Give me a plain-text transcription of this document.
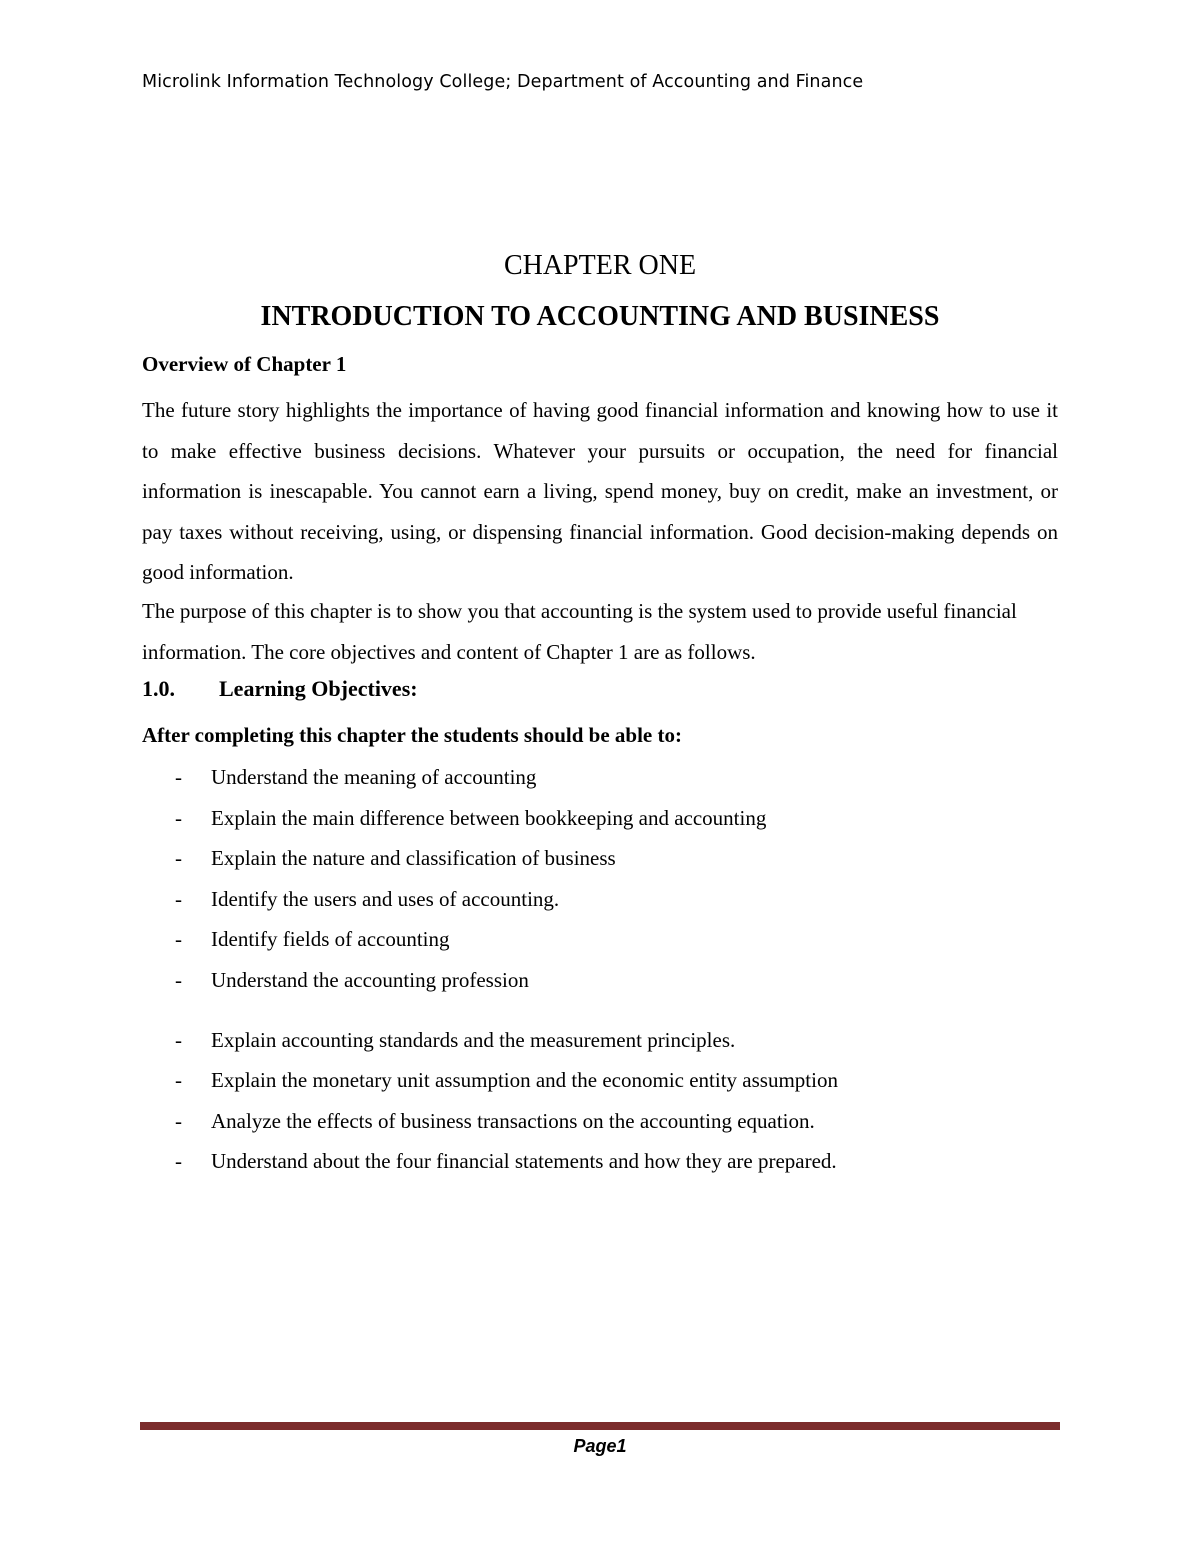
Microlink Information Technology College; Department of Accounting and Finance
CHAPTER ONE
INTRODUCTION TO ACCOUNTING AND BUSINESS
Overview of Chapter 1

The future story highlights the importance of having good financial information and knowing how to use it to make effective business decisions. Whatever your pursuits or occupation, the need for financial information is inescapable. You cannot earn a living, spend money, buy on credit, make an investment, or pay taxes without receiving, using, or dispensing financial information. Good decision-making depends on good information.

The purpose of this chapter is to show you that accounting is the system used to provide useful financial information. The core objectives and content of Chapter 1 are as follows.

1.0. Learning Objectives:

After completing this chapter the students should be able to:

- Understand the meaning of accounting
- Explain the main difference between bookkeeping and accounting
- Explain the nature and classification of business
- Identify the users and uses of accounting.
- Identify fields of accounting
- Understand the accounting profession
- Explain accounting standards and the measurement principles.
- Explain the monetary unit assumption and the economic entity assumption
- Analyze the effects of business transactions on the accounting equation.
- Understand about the four financial statements and how they are prepared.
Page1
